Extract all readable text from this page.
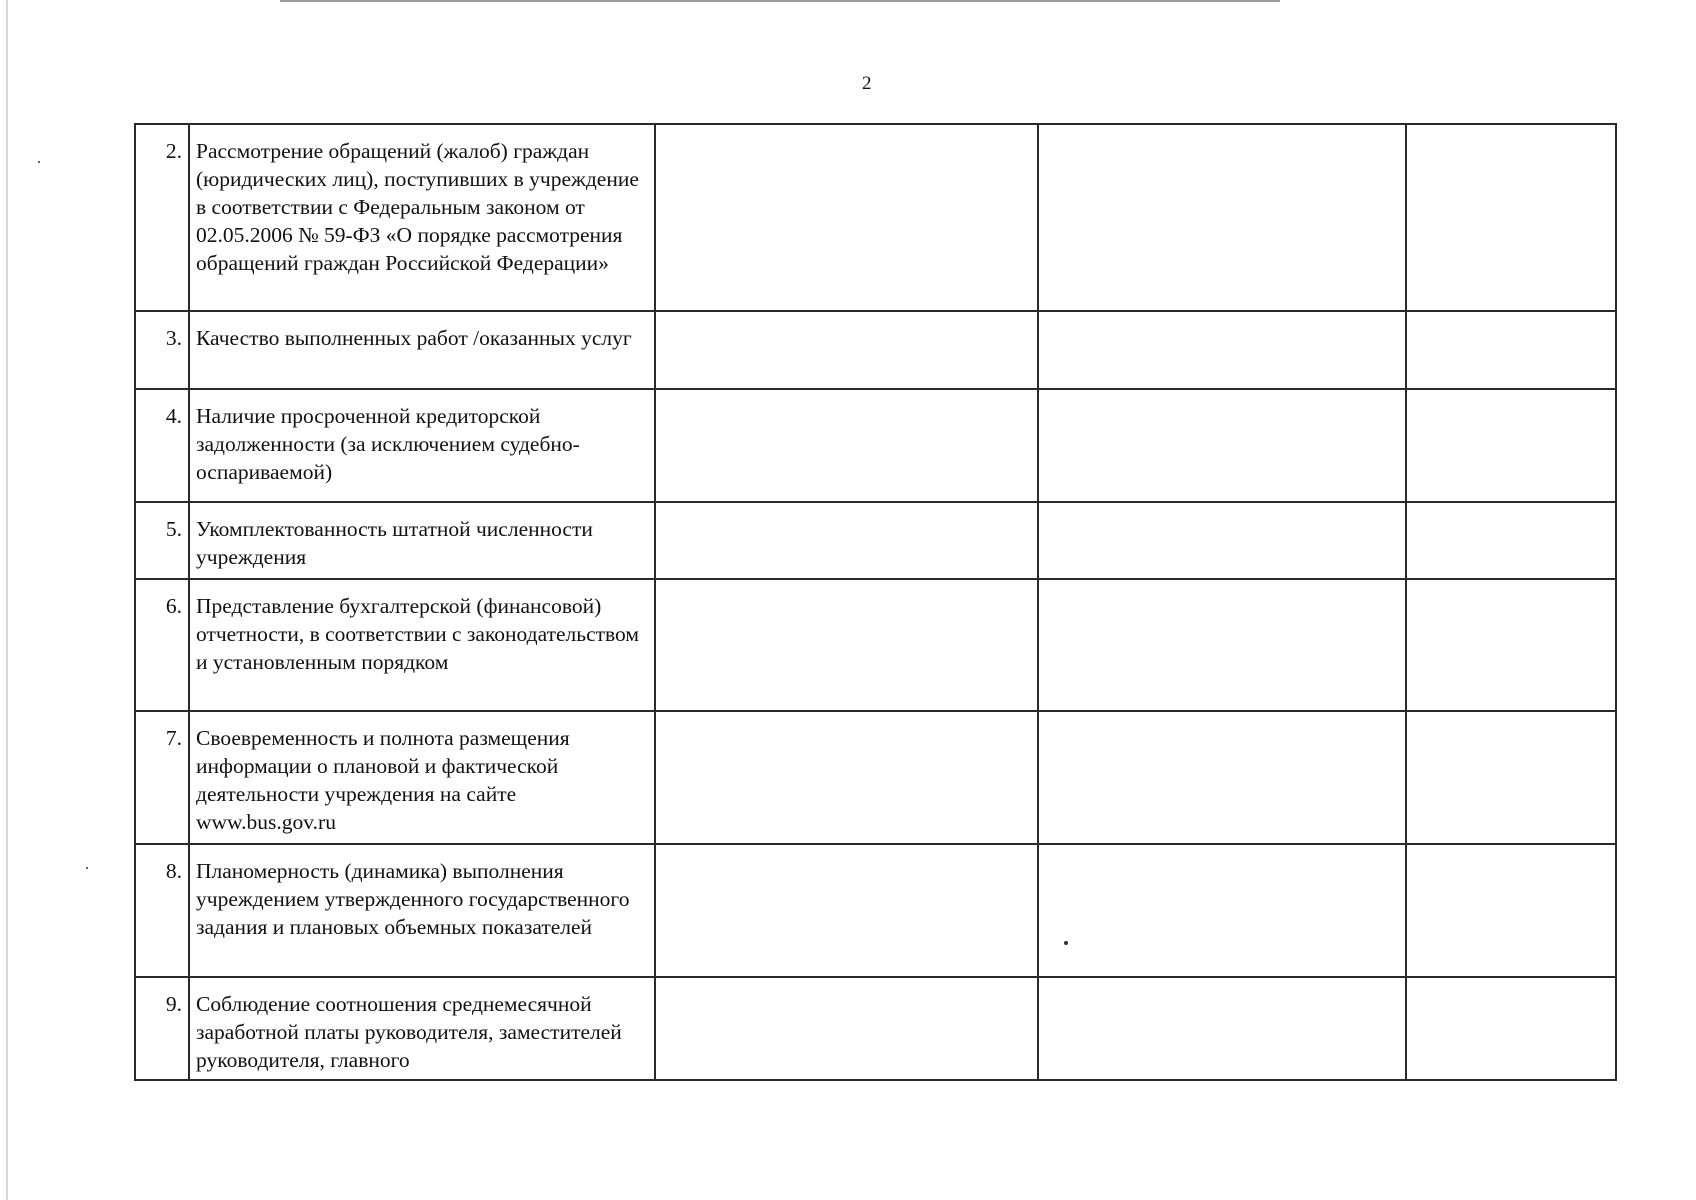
2
2.	Рассмотрение обращений (жалоб) граждан (юридических лиц), поступивших в учреждение в соответствии с Федеральным законом от 02.05.2006 № 59-ФЗ «О порядке рассмотрения обращений граждан Российской Федерации»			
3.	Качество выполненных работ /оказанных услуг			
4.	Наличие просроченной кредиторской задолженности (за исключением судебно-оспариваемой)			
5.	Укомплектованность штатной численности учреждения			
6.	Представление бухгалтерской (финансовой) отчетности, в соответствии с законодательством и установленным порядком			
7.	Своевременность и полнота размещения информации о плановой и фактической деятельности учреждения на сайте www.bus.gov.ru			
8.	Планомерность (динамика) выполнения учреждением утвержденного государственного задания и плановых объемных показателей			
9.	Соблюдение соотношения среднемесячной заработной платы руководителя, заместителей руководителя, главного			
